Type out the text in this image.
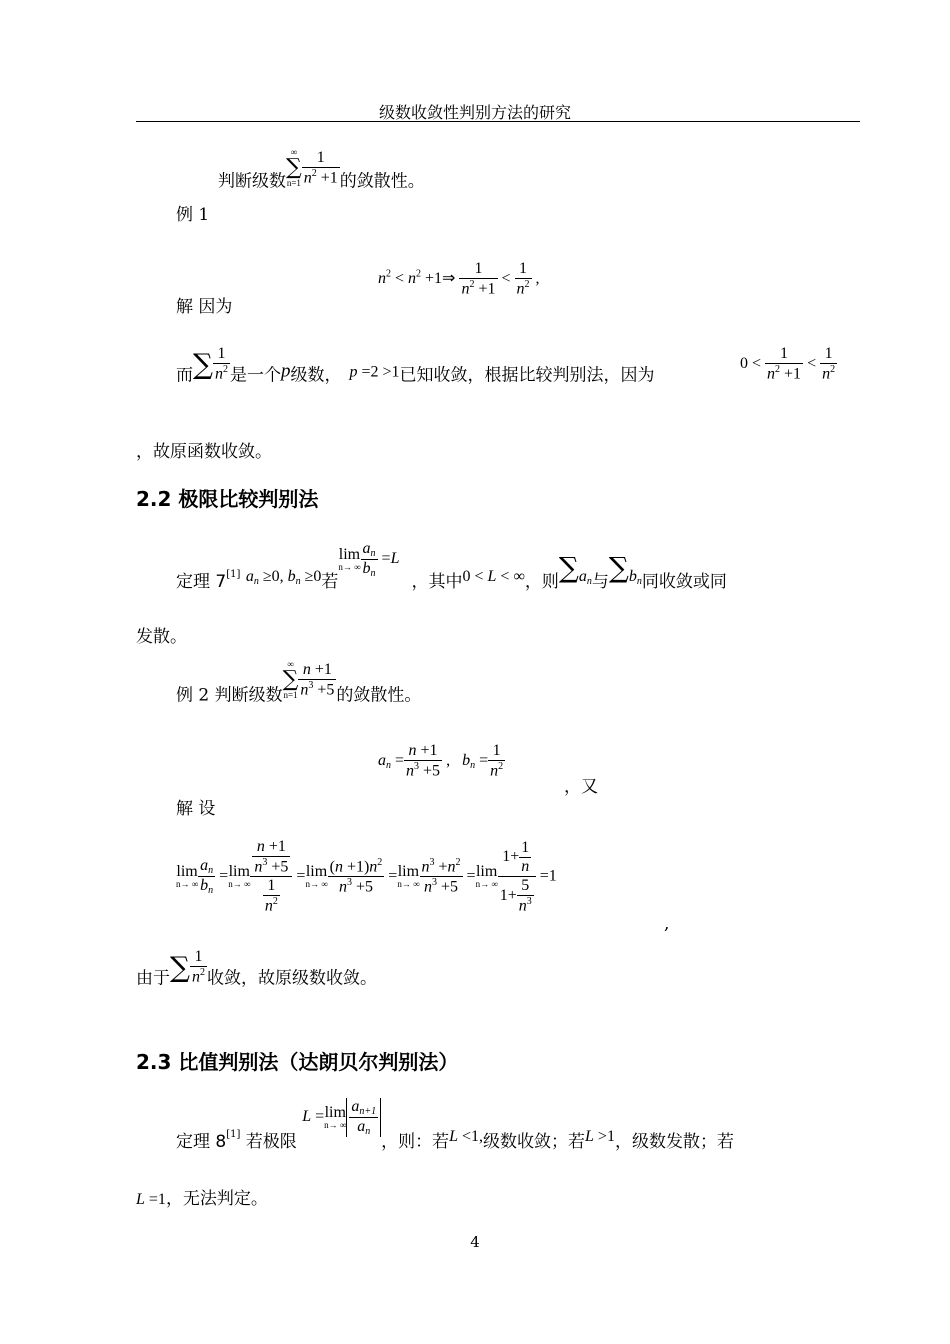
级数收敛性判别方法的研究
判断级数
∞
∑
$n=1 \frac{1}{n^2 +1}$ 的敛散性。
例 1
$n^2 < n^2$ +1⇒ $\frac{1}{n^2 +1} < \frac{1}{n^2}$ ,
解 因为
而∑ $\frac{1}{n^2}$ 是一个p级数， p =2 >1已知收敛，根据比较判别法，因为
$0 < \frac{1}{n^2 +1} < \frac{1}{n^2}$
，故原函数收敛。
2.2 极限比较判别法
定理 7[1] $a_n \ge 0$, $b_n \ge 0$若lim
n→ ∞ $\frac{a_n}{b_n} =L$，其中0 < L < ∞，则$\sum a_n$与$\sum b_n$同收敛或同
发散。
例 2 判断级数
∞
∑
$n=1 \frac{n +1}{n^3 +5}$ 的敛散性。
$a_n = \frac{n +1}{n^3 +5}$ ,   $b_n = \frac{1}{n^2}$
，又
解 设
lim
n→ ∞ $\frac{a_n}{b_n} =\lim$
n→ ∞ $\frac{\frac{n +1}{n^3 +5}}{\frac{1}{n^2}} =\lim$
n→ ∞ $\frac{(n +1)n^2}{n^3 +5} =\lim$
n→ ∞ $\frac{n^3 +n^2}{n^3 +5} =\lim$
n→ ∞ $\frac{1+ \frac{1}{n}}{1+ \frac{5}{n^3}} =1$
,
由于∑ $\frac{1}{n^2}$ 收敛，故原级数收敛。
2.3 比值判别法（达朗贝尔判别法）
定理 8[1] 若极限 L =lim
n→ ∞ $\frac{a_{n+1}}{a_n}$
，则：若L <1,级数收敛；若L >1，级数发散；若
L =1，无法判定。
4
